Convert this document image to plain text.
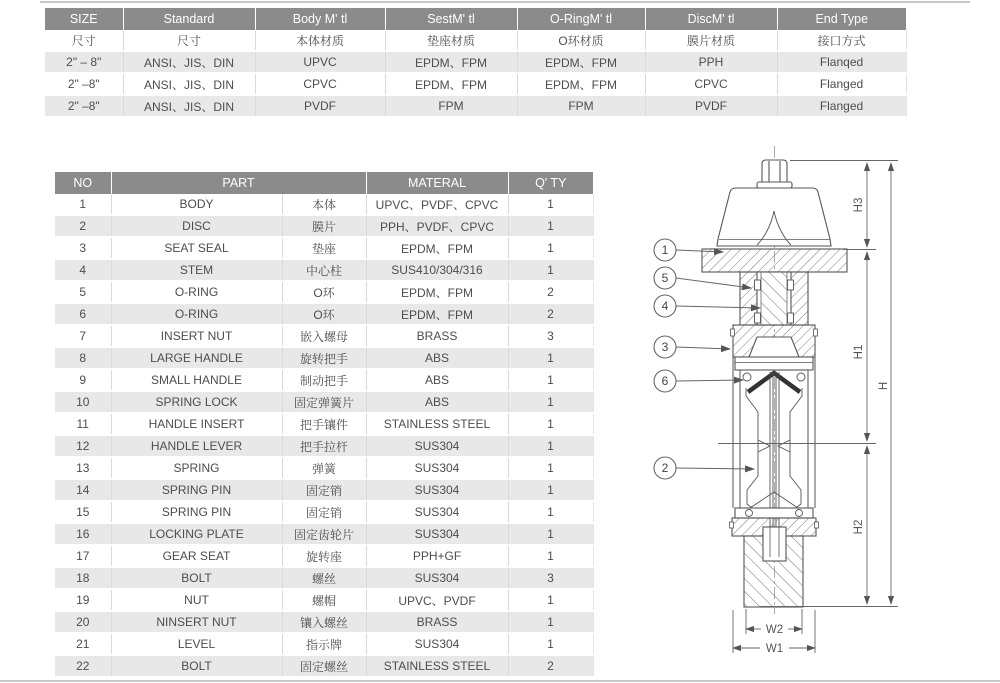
SIZE	Standard	Body M' tl	SestM' tl	O-RingM' tl	DiscM' tl	End Type
尺寸	尺寸	本体材质	垫座材质	O环材质	膜片材质	接口方式
2" – 8"	ANSI、JIS、DIN	UPVC	EPDM、FPM	EPDM、FPM	PPH	Flanqed
2" –8"	ANSI、JIS、DIN	CPVC	EPDM、FPM	EPDM、FPM	CPVC	Flanged
2" –8"	ANSI、JIS、DIN	PVDF	FPM	FPM	PVDF	Flanged
NO	PART		MATERAL	Q' TY
1	BODY	本体	UPVC、PVDF、CPVC	1
2	DISC	膜片	PPH、PVDF、CPVC	1
3	SEAT SEAL	垫座	EPDM、FPM	1
4	STEM	中心柱	SUS410/304/316	1
5	O-RING	O环	EPDM、FPM	2
6	O-RING	O环	EPDM、FPM	2
7	INSERT NUT	嵌入螺母	BRASS	3
8	LARGE HANDLE	旋转把手	ABS	1
9	SMALL HANDLE	制动把手	ABS	1
10	SPRING LOCK	固定弹簧片	ABS	1
11	HANDLE INSERT	把手镶件	STAINLESS STEEL	1
12	HANDLE LEVER	把手拉杆	SUS304	1
13	SPRING	弹簧	SUS304	1
14	SPRING PIN	固定销	SUS304	1
15	SPRING PIN	固定销	SUS304	1
16	LOCKING PLATE	固定齿轮片	SUS304	1
17	GEAR SEAT	旋转座	PPH+GF	1
18	BOLT	螺丝	SUS304	3
19	NUT	螺帽	UPVC、PVDF	1
20	NINSERT NUT	镶入螺丝	BRASS	1
21	LEVEL	指示牌	SUS304	1
22	BOLT	固定螺丝	STAINLESS STEEL	2
H3
H1
H2
H
W2
W1
1
5
4
3
6
2
